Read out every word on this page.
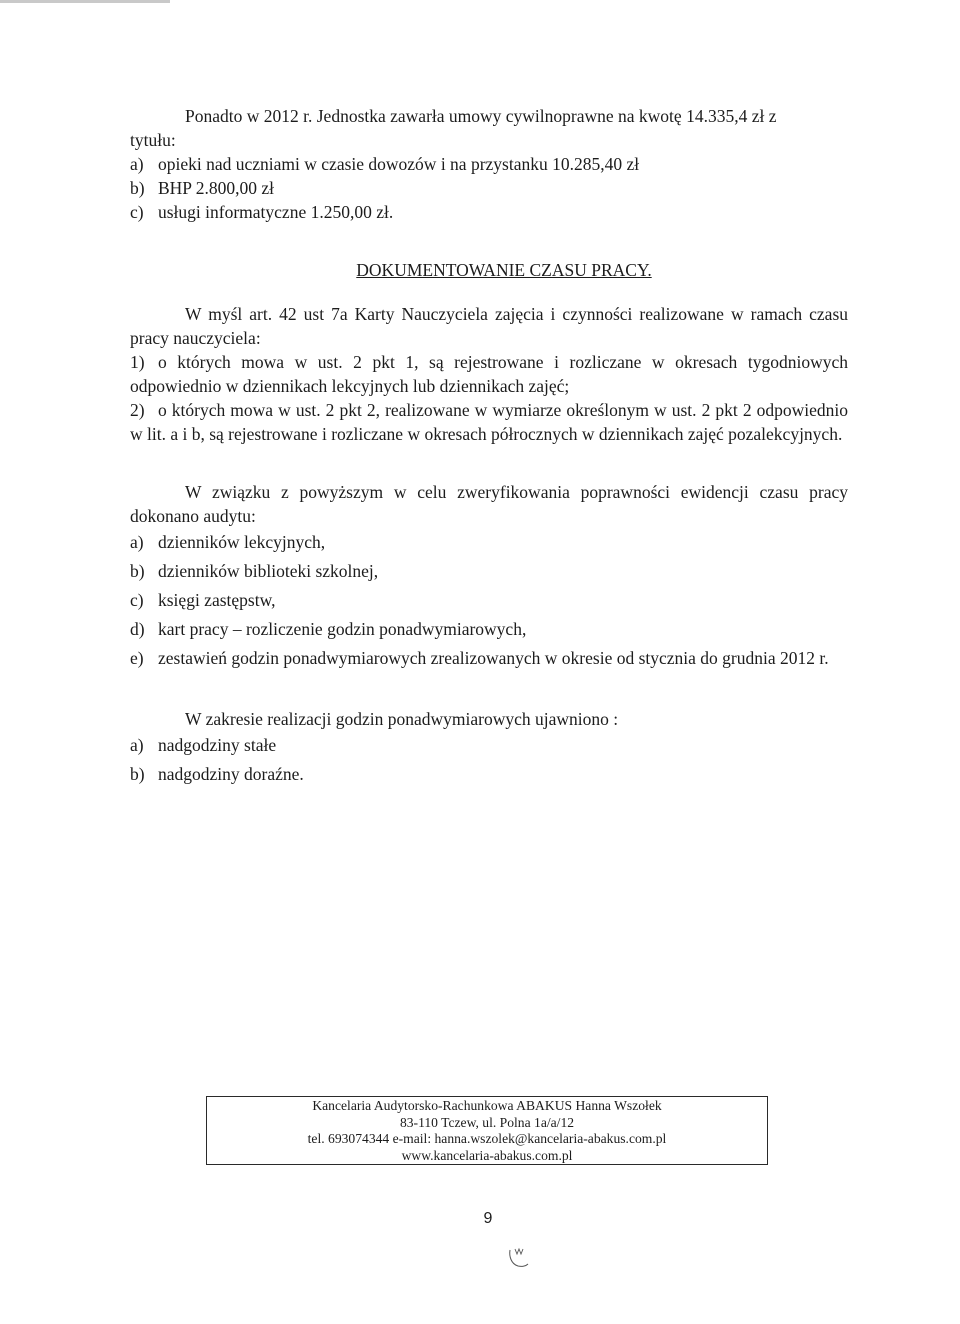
Ponadto w 2012 r. Jednostka zawarła umowy cywilnoprawne na kwotę 14.335,4 zł z

tytułu:

a) opieki nad uczniami w czasie dowozów i na przystanku 10.285,40 zł
b) BHP 2.800,00 zł
c) usługi informatyczne 1.250,00 zł.

DOKUMENTOWANIE CZASU PRACY.

W myśl art. 42 ust 7a Karty Nauczyciela zajęcia i czynności realizowane w ramach czasu pracy nauczyciela:

1) o których mowa w ust. 2 pkt 1, są rejestrowane i rozliczane w okresach tygodniowych odpowiednio w dziennikach lekcyjnych lub dziennikach zajęć;
2) o których mowa w ust. 2 pkt 2, realizowane w wymiarze określonym w ust. 2 pkt 2 odpowiednio w lit. a i b, są rejestrowane i rozliczane w okresach półrocznych w dziennikach zajęć pozalekcyjnych.

W związku z powyższym w celu zweryfikowania poprawności ewidencji czasu pracy dokonano audytu:

a) dzienników lekcyjnych,
b) dzienników biblioteki szkolnej,
c) księgi zastępstw,
d) kart pracy – rozliczenie godzin ponadwymiarowych,
e) zestawień godzin ponadwymiarowych zrealizowanych w okresie od stycznia do grudnia 2012 r.

W zakresie realizacji godzin ponadwymiarowych ujawniono :

a) nadgodziny stałe
b) nadgodziny doraźne.
Kancelaria Audytorsko-Rachunkowa ABAKUS Hanna Wszołek
83-110 Tczew, ul. Polna 1a/a/12
tel. 693074344 e-mail: hanna.wszolek@kancelaria-abakus.com.pl
www.kancelaria-abakus.com.pl
9
